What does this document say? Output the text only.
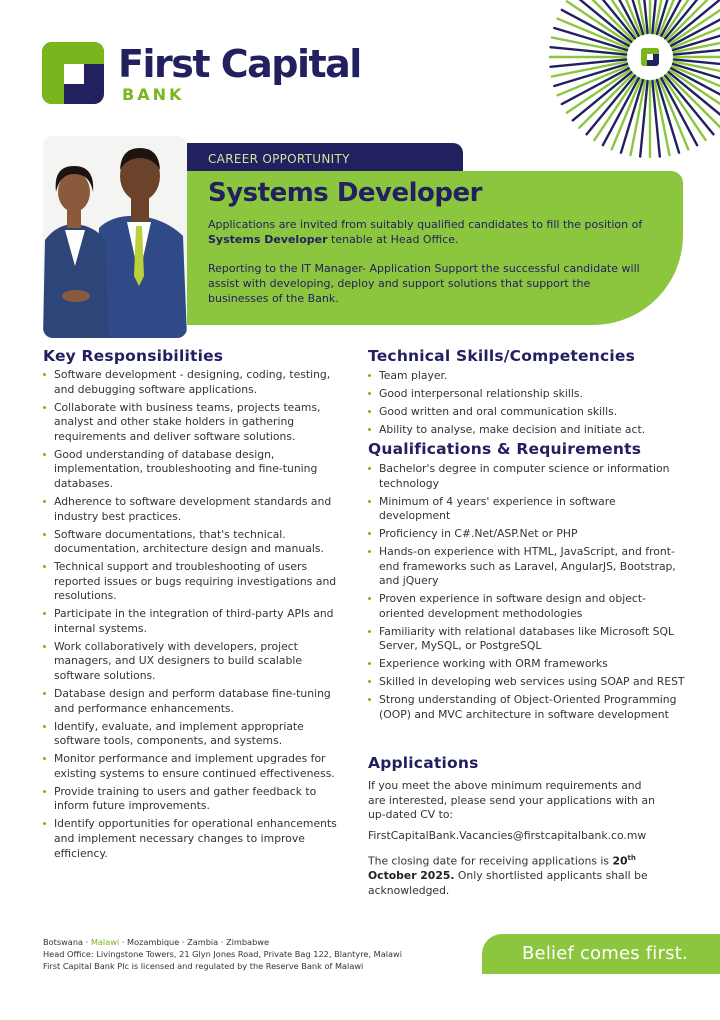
First Capital
BANK
CAREER OPPORTUNITY
Systems Developer

Applications are invited from suitably qualified candidates to fill the position of Systems Developer tenable at Head Office.

Reporting to the IT Manager- Application Support the successful candidate will assist with developing, deploy and support solutions that support the businesses of the Bank.

Key Responsibilities
Software development - designing, coding, testing, and debugging software applications.
Collaborate with business teams, projects teams, analyst and other stake holders in gathering requirements and deliver software solutions.
Good understanding of database design, implementation, troubleshooting and fine-tuning databases.
Adherence to software development standards and industry best practices.
Software documentations, that's technical. documentation, architecture design and manuals.
Technical support and troubleshooting of users reported issues or bugs requiring investigations and resolutions.
Participate in the integration of third-party APIs and internal systems.
Work collaboratively with developers, project managers, and UX designers to build scalable software solutions.
Database design and perform database fine-tuning and performance enhancements.
Identify, evaluate, and implement appropriate software tools, components, and systems.
Monitor performance and implement upgrades for existing systems to ensure continued effectiveness.
Provide training to users and gather feedback to inform future improvements.
Identify opportunities for operational enhancements and implement necessary changes to improve efficiency.
Technical Skills/Competencies
Team player.
Good interpersonal relationship skills.
Good written and oral communication skills.
Ability to analyse, make decision and initiate act.
Qualifications & Requirements
Bachelor's degree in computer science or information technology
Minimum of 4 years' experience in software development
Proficiency in C#.Net/ASP.Net or PHP
Hands-on experience with HTML, JavaScript, and front-end frameworks such as Laravel, AngularJS, Bootstrap, and jQuery
Proven experience in software design and object-oriented development methodologies
Familiarity with relational databases like Microsoft SQL Server, MySQL, or PostgreSQL
Experience working with ORM frameworks
Skilled in developing web services using SOAP and REST
Strong understanding of Object-Oriented Programming (OOP) and MVC architecture in software development
Applications

If you meet the above minimum requirements and are interested, please send your applications with an up-dated CV to:

FirstCapitalBank.Vacancies@firstcapitalbank.co.mw

The closing date for receiving applications is 20th October 2025. Only shortlisted applicants shall be acknowledged.

Botswana · Malawi · Mozambique · Zambia · Zimbabwe
Head Office: Livingstone Towers, 21 Glyn Jones Road, Private Bag 122, Blantyre, Malawi
First Capital Bank Plc is licensed and regulated by the Reserve Bank of Malawi
Belief comes first.
